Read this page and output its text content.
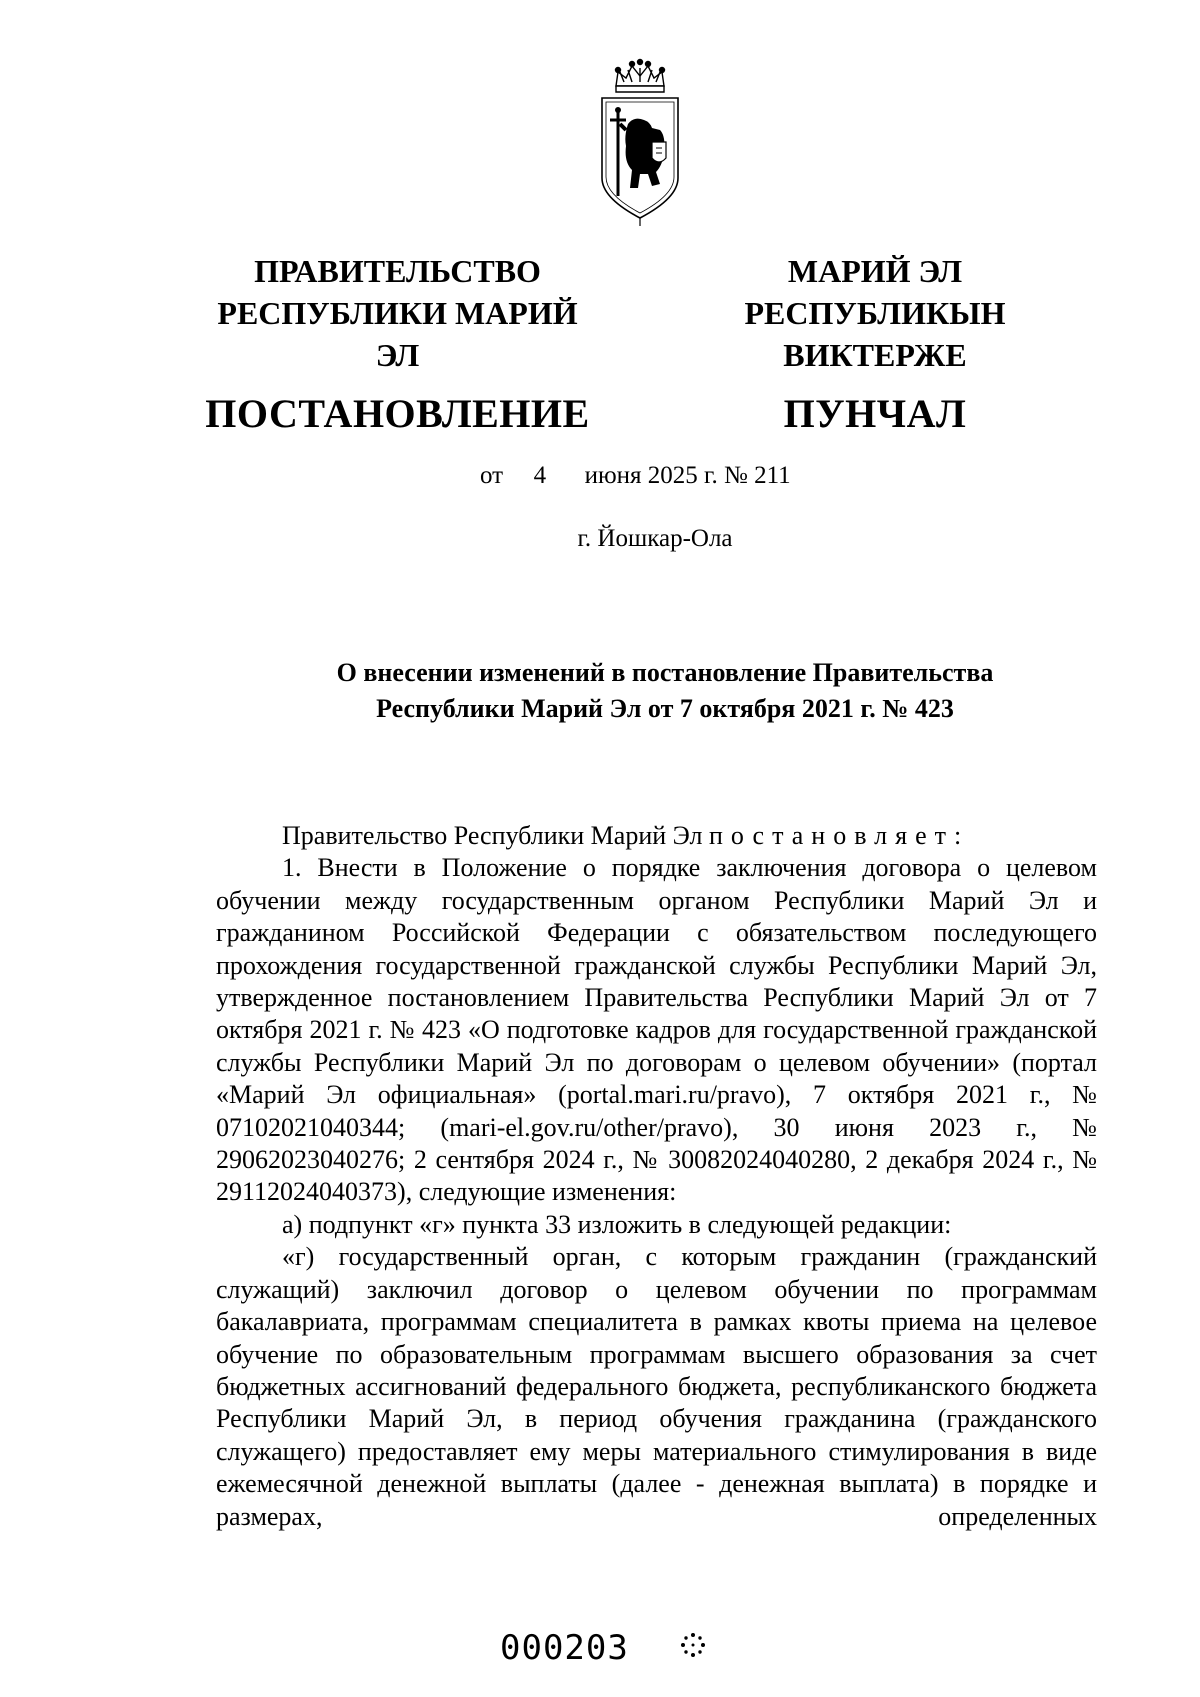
ПРАВИТЕЛЬСТВО
РЕСПУБЛИКИ МАРИЙ ЭЛ
ПОСТАНОВЛЕНИЕ
МАРИЙ ЭЛ РЕСПУБЛИКЫН
ВИКТЕРЖЕ
ПУНЧАЛ
от 4 июня 2025 г. № 211
г. Йошкар-Ола
О внесении изменений в постановление Правительства
Республики Марий Эл от 7 октября 2021 г. № 423

Правительство Республики Марий Эл постановляет:

1. Внести в Положение о порядке заключения договора о целевом обучении между государственным органом Республики Марий Эл и гражданином Российской Федерации с обязательством последующего прохождения государственной гражданской службы Республики Марий Эл, утвержденное постановлением Правительства Республики Марий Эл от 7 октября 2021 г. № 423 «О подготовке кадров для государственной гражданской службы Республики Марий Эл по договорам о целевом обучении» (портал «Марий Эл официальная» (portal.mari.ru/pravo), 7 октября 2021 г., № 07102021040344; (mari-el.gov.ru/other/pravo), 30 июня 2023 г., № 29062023040276; 2 сентября 2024 г., № 30082024040280, 2 декабря 2024 г., № 29112024040373), следующие изменения:

а) подпункт «г» пункта 33 изложить в следующей редакции:

«г) государственный орган, с которым гражданин (гражданский служащий) заключил договор о целевом обучении по программам бакалавриата, программам специалитета в рамках квоты приема на целевое обучение по образовательным программам высшего образования за счет бюджетных ассигнований федерального бюджета, республиканского бюджета Республики Марий Эл, в период обучения гражданина (гражданского служащего) предоставляет ему меры материального стимулирования в виде ежемесячной денежной выплаты (далее - денежная выплата) в порядке и размерах, определенных

000203
